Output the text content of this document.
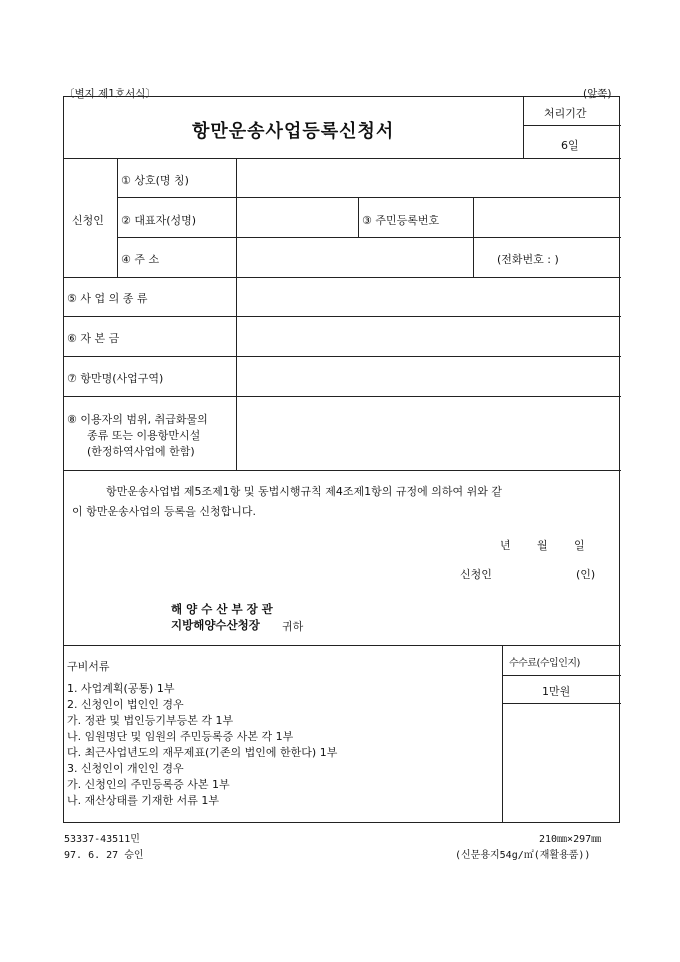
〔별지 제1호서식〕	(앞쪽)
항만운송사업등록신청서
처리기간
6일
신청인
① 상호(명 칭)
② 대표자(성명)	③ 주민등록번호
④ 주 소	(전화번호 : )
⑤ 사 업 의 종 류
⑥ 자 본 금
⑦ 항만명(사업구역)
⑧ 이용자의 범위, 취급화물의
종류 또는 이용항만시설
(한정하역사업에 한함)
항만운송사업법 제5조제1항 및 동법시행규칙 제4조제1항의 규정에 의하여 위와 같
이 항만운송사업의 등록을 신청합니다.
년 월 일
신청인	(인)
해 양 수 산 부 장 관
지방해양수산청장 귀하
구비서류
1. 사업계획(공통) 1부
2. 신청인이 법인인 경우
가. 정관 및 법인등기부등본 각 1부
나. 임원명단 및 임원의 주민등록증 사본 각 1부
다. 최근사업년도의 재무제표(기존의 법인에 한한다) 1부
3. 신청인이 개인인 경우
가. 신청인의 주민등록증 사본 1부
나. 재산상태를 기재한 서류 1부
수수료(수입인지)
1만원
53337-43511민
97. 6. 27 승인
210㎜×297㎜
(신문용지54g/㎡(재활용품))
